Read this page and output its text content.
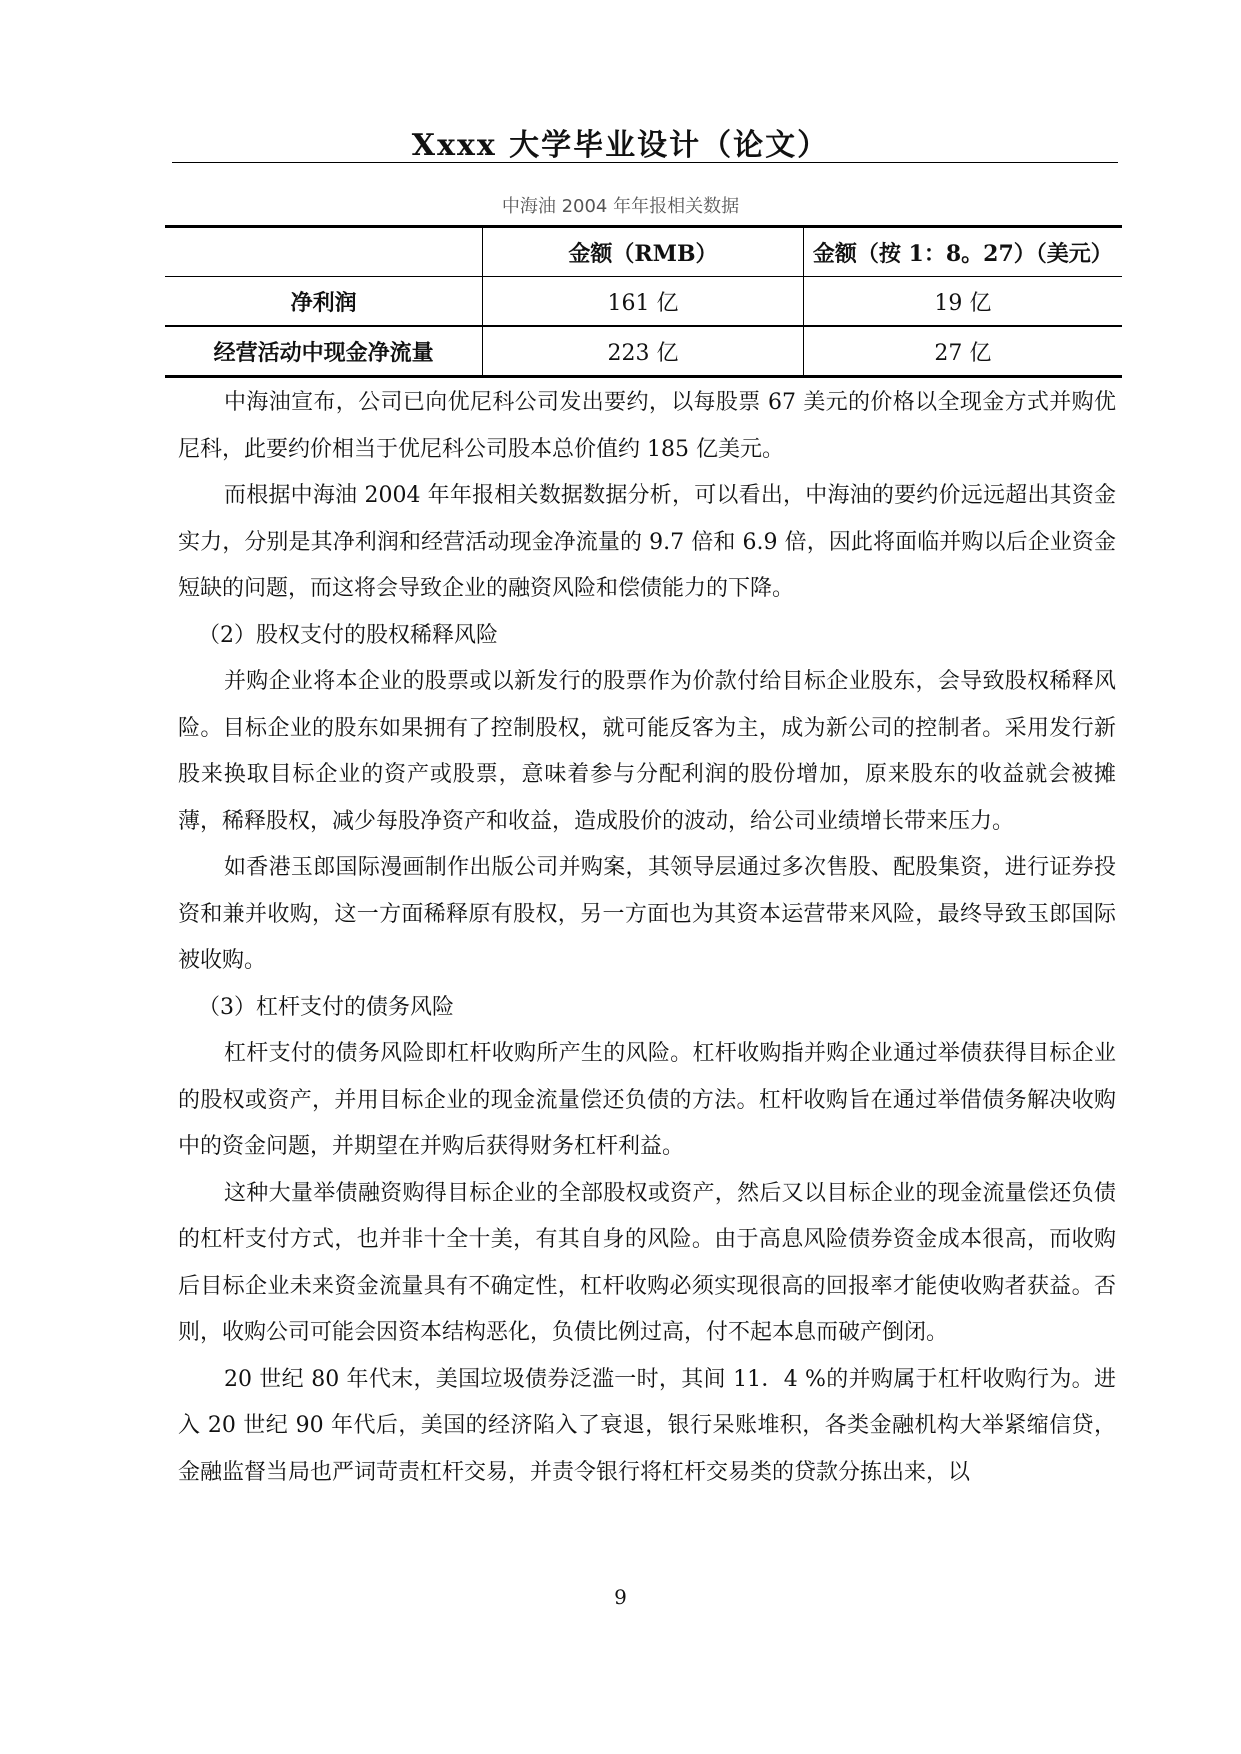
Xxxx 大学毕业设计（论文）
中海油 2004 年年报相关数据
	金额（RMB）	金额（按 1：8。27）（美元）
净利润	161 亿	19 亿
经营活动中现金净流量	223 亿	27 亿

中海油宣布，公司已向优尼科公司发出要约，以每股票 67 美元的价格以全现金方式并购优尼科，此要约价相当于优尼科公司股本总价值约 185 亿美元。

而根据中海油 2004 年年报相关数据数据分析，可以看出，中海油的要约价远远超出其资金实力，分别是其净利润和经营活动现金净流量的 9.7 倍和 6.9 倍，因此将面临并购以后企业资金短缺的问题，而这将会导致企业的融资风险和偿债能力的下降。

（2）股权支付的股权稀释风险

并购企业将本企业的股票或以新发行的股票作为价款付给目标企业股东，会导致股权稀释风险。目标企业的股东如果拥有了控制股权，就可能反客为主，成为新公司的控制者。采用发行新股来换取目标企业的资产或股票，意味着参与分配利润的股份增加，原来股东的收益就会被摊薄，稀释股权，减少每股净资产和收益，造成股价的波动，给公司业绩增长带来压力。

如香港玉郎国际漫画制作出版公司并购案，其领导层通过多次售股、配股集资，进行证券投资和兼并收购，这一方面稀释原有股权，另一方面也为其资本运营带来风险，最终导致玉郎国际被收购。

（3）杠杆支付的债务风险

杠杆支付的债务风险即杠杆收购所产生的风险。杠杆收购指并购企业通过举债获得目标企业的股权或资产，并用目标企业的现金流量偿还负债的方法。杠杆收购旨在通过举借债务解决收购中的资金问题，并期望在并购后获得财务杠杆利益。

这种大量举债融资购得目标企业的全部股权或资产，然后又以目标企业的现金流量偿还负债的杠杆支付方式，也并非十全十美，有其自身的风险。由于高息风险债券资金成本很高，而收购后目标企业未来资金流量具有不确定性，杠杆收购必须实现很高的回报率才能使收购者获益。否则，收购公司可能会因资本结构恶化，负债比例过高，付不起本息而破产倒闭。

20 世纪 80 年代末，美国垃圾债券泛滥一时，其间 11．4 %的并购属于杠杆收购行为。进入 20 世纪 90 年代后，美国的经济陷入了衰退，银行呆账堆积，各类金融机构大举紧缩信贷，金融监督当局也严词苛责杠杆交易，并责令银行将杠杆交易类的贷款分拣出来，以

9
